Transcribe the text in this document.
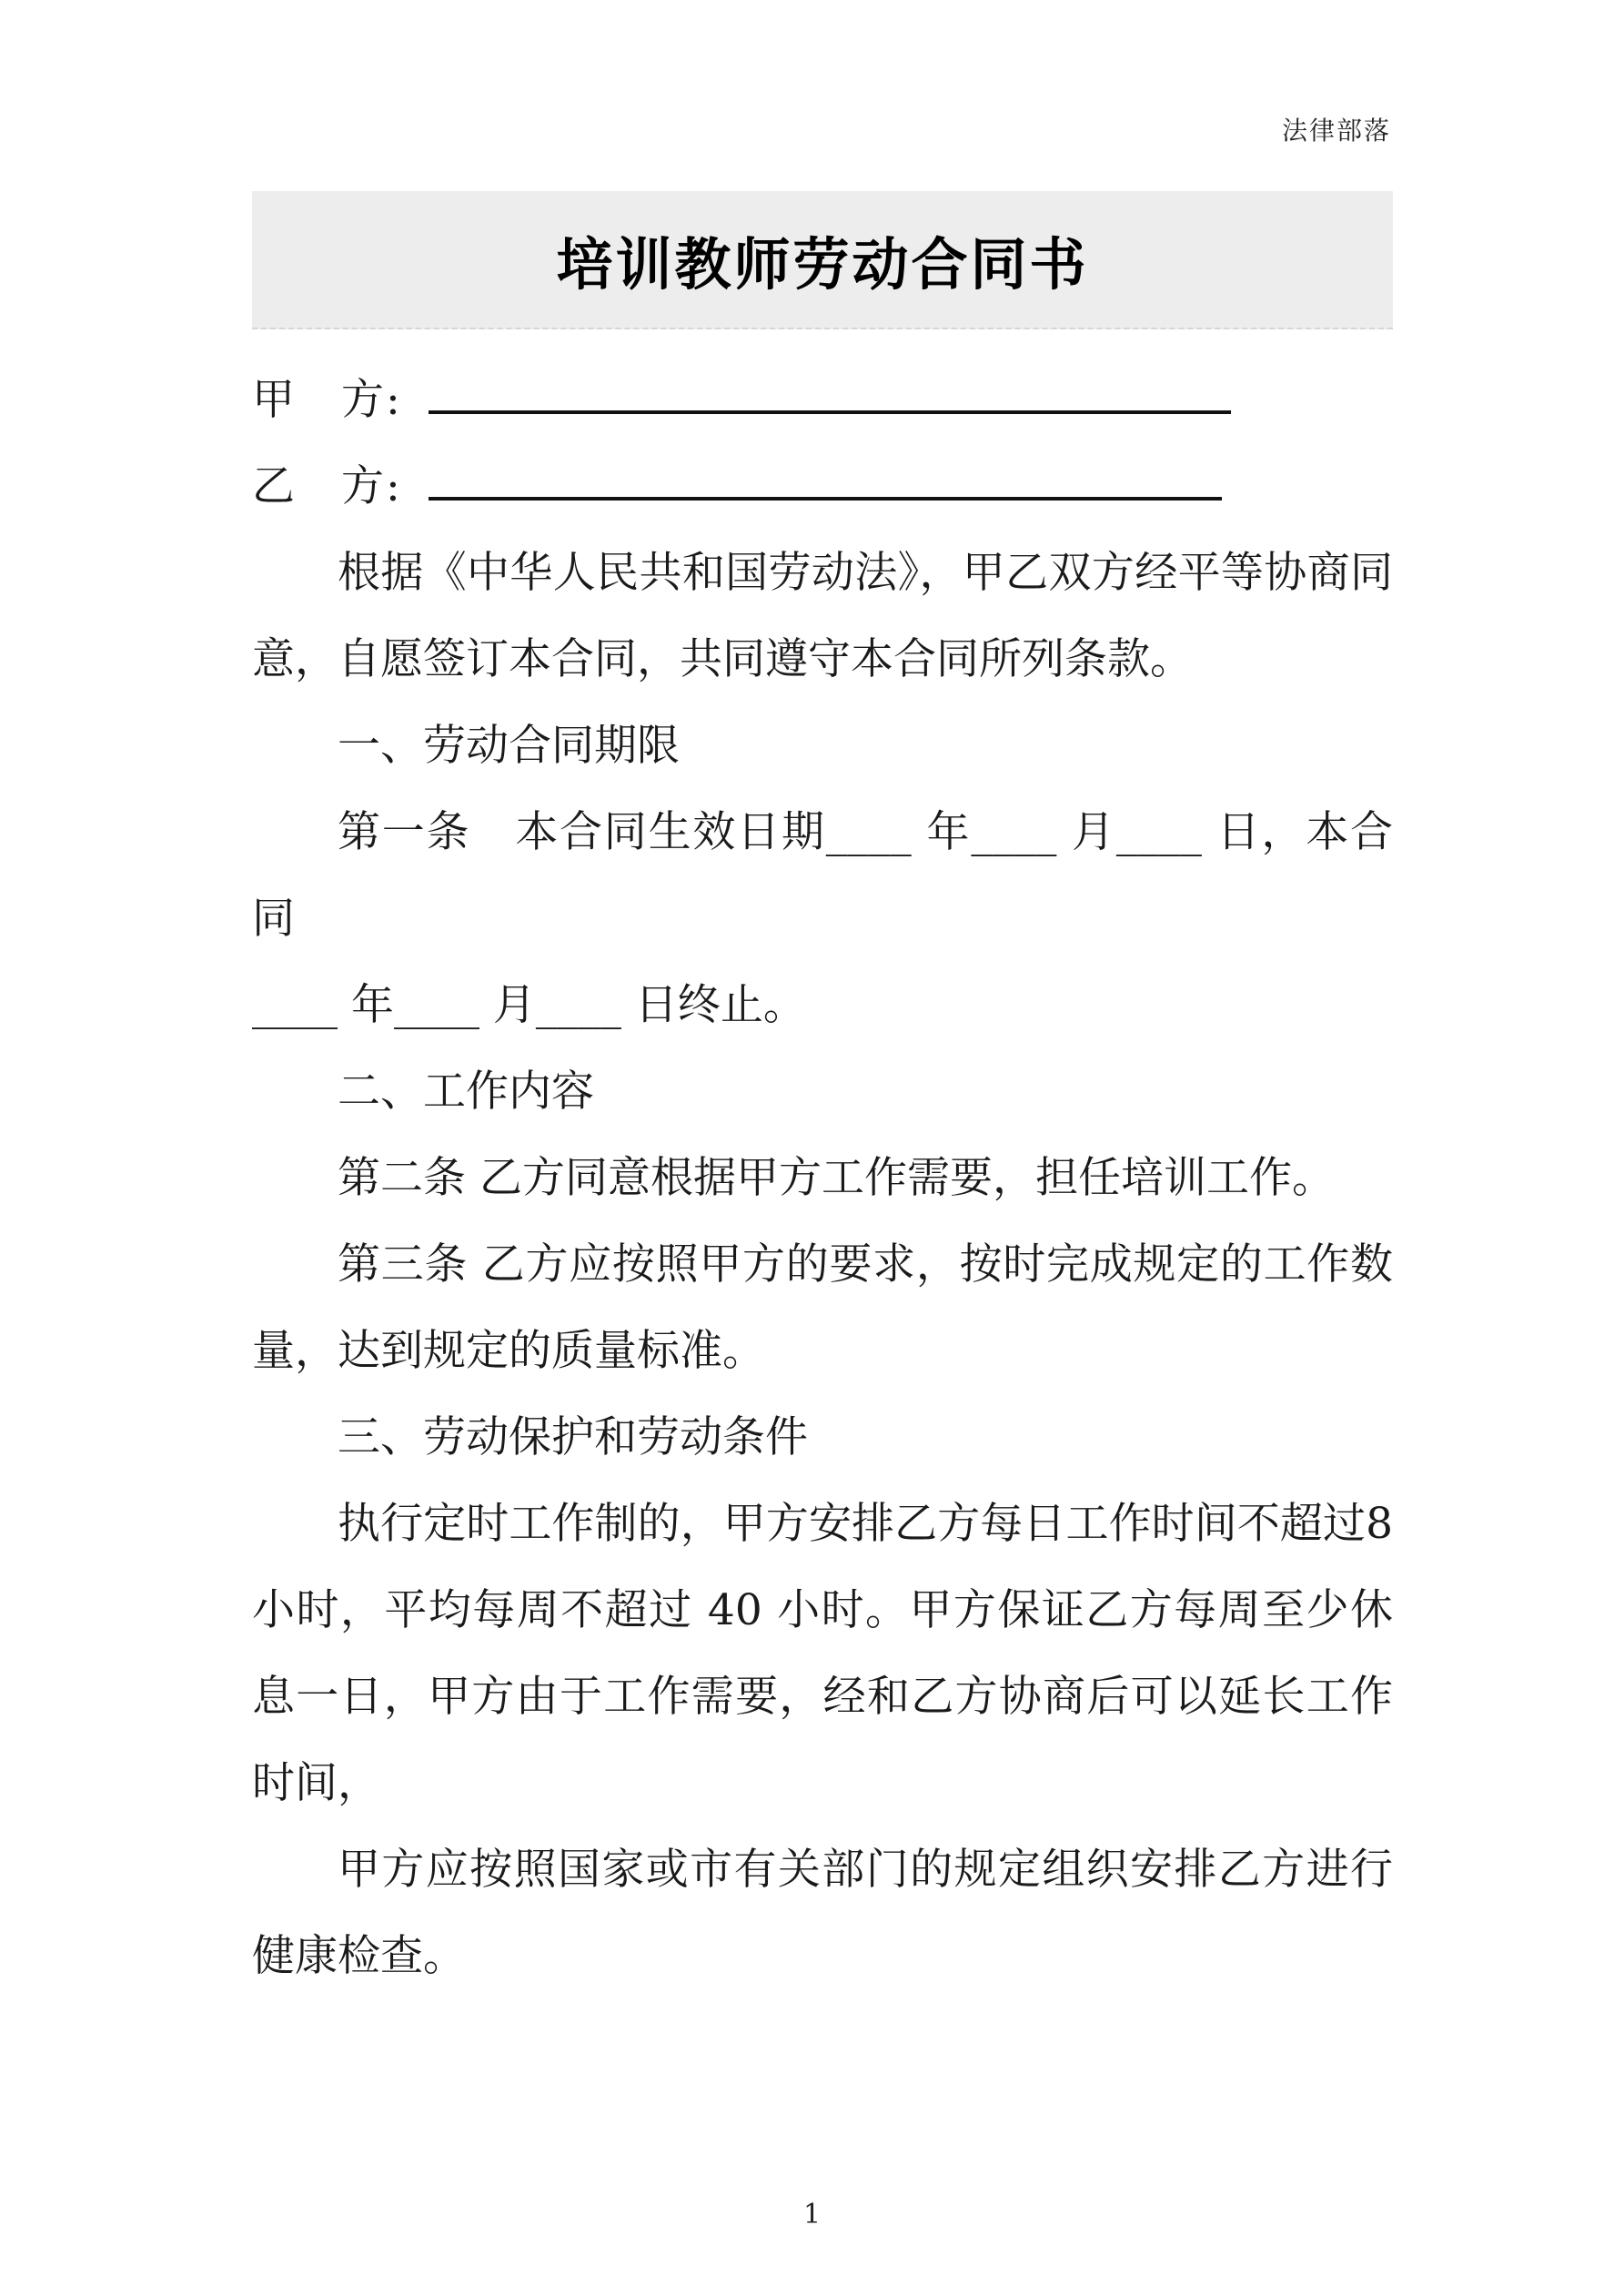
法律部落
培训教师劳动合同书

甲　方:

乙　方:

根据《中华人民共和国劳动法》，甲乙双方经平等协商同意，自愿签订本合同，共同遵守本合同所列条款。

一、劳动合同期限

第一条　本合同生效日期____ 年____ 月____ 日，本合同

____ 年____ 月____ 日终止。

二、工作内容

第二条 乙方同意根据甲方工作需要，担任培训工作。

第三条 乙方应按照甲方的要求，按时完成规定的工作数量，达到规定的质量标准。

三、劳动保护和劳动条件

执行定时工作制的，甲方安排乙方每日工作时间不超过8 小时，平均每周不超过 40 小时。甲方保证乙方每周至少休息一日，甲方由于工作需要，经和乙方协商后可以延长工作时间，

甲方应按照国家或市有关部门的规定组织安排乙方进行健康检查。

1
